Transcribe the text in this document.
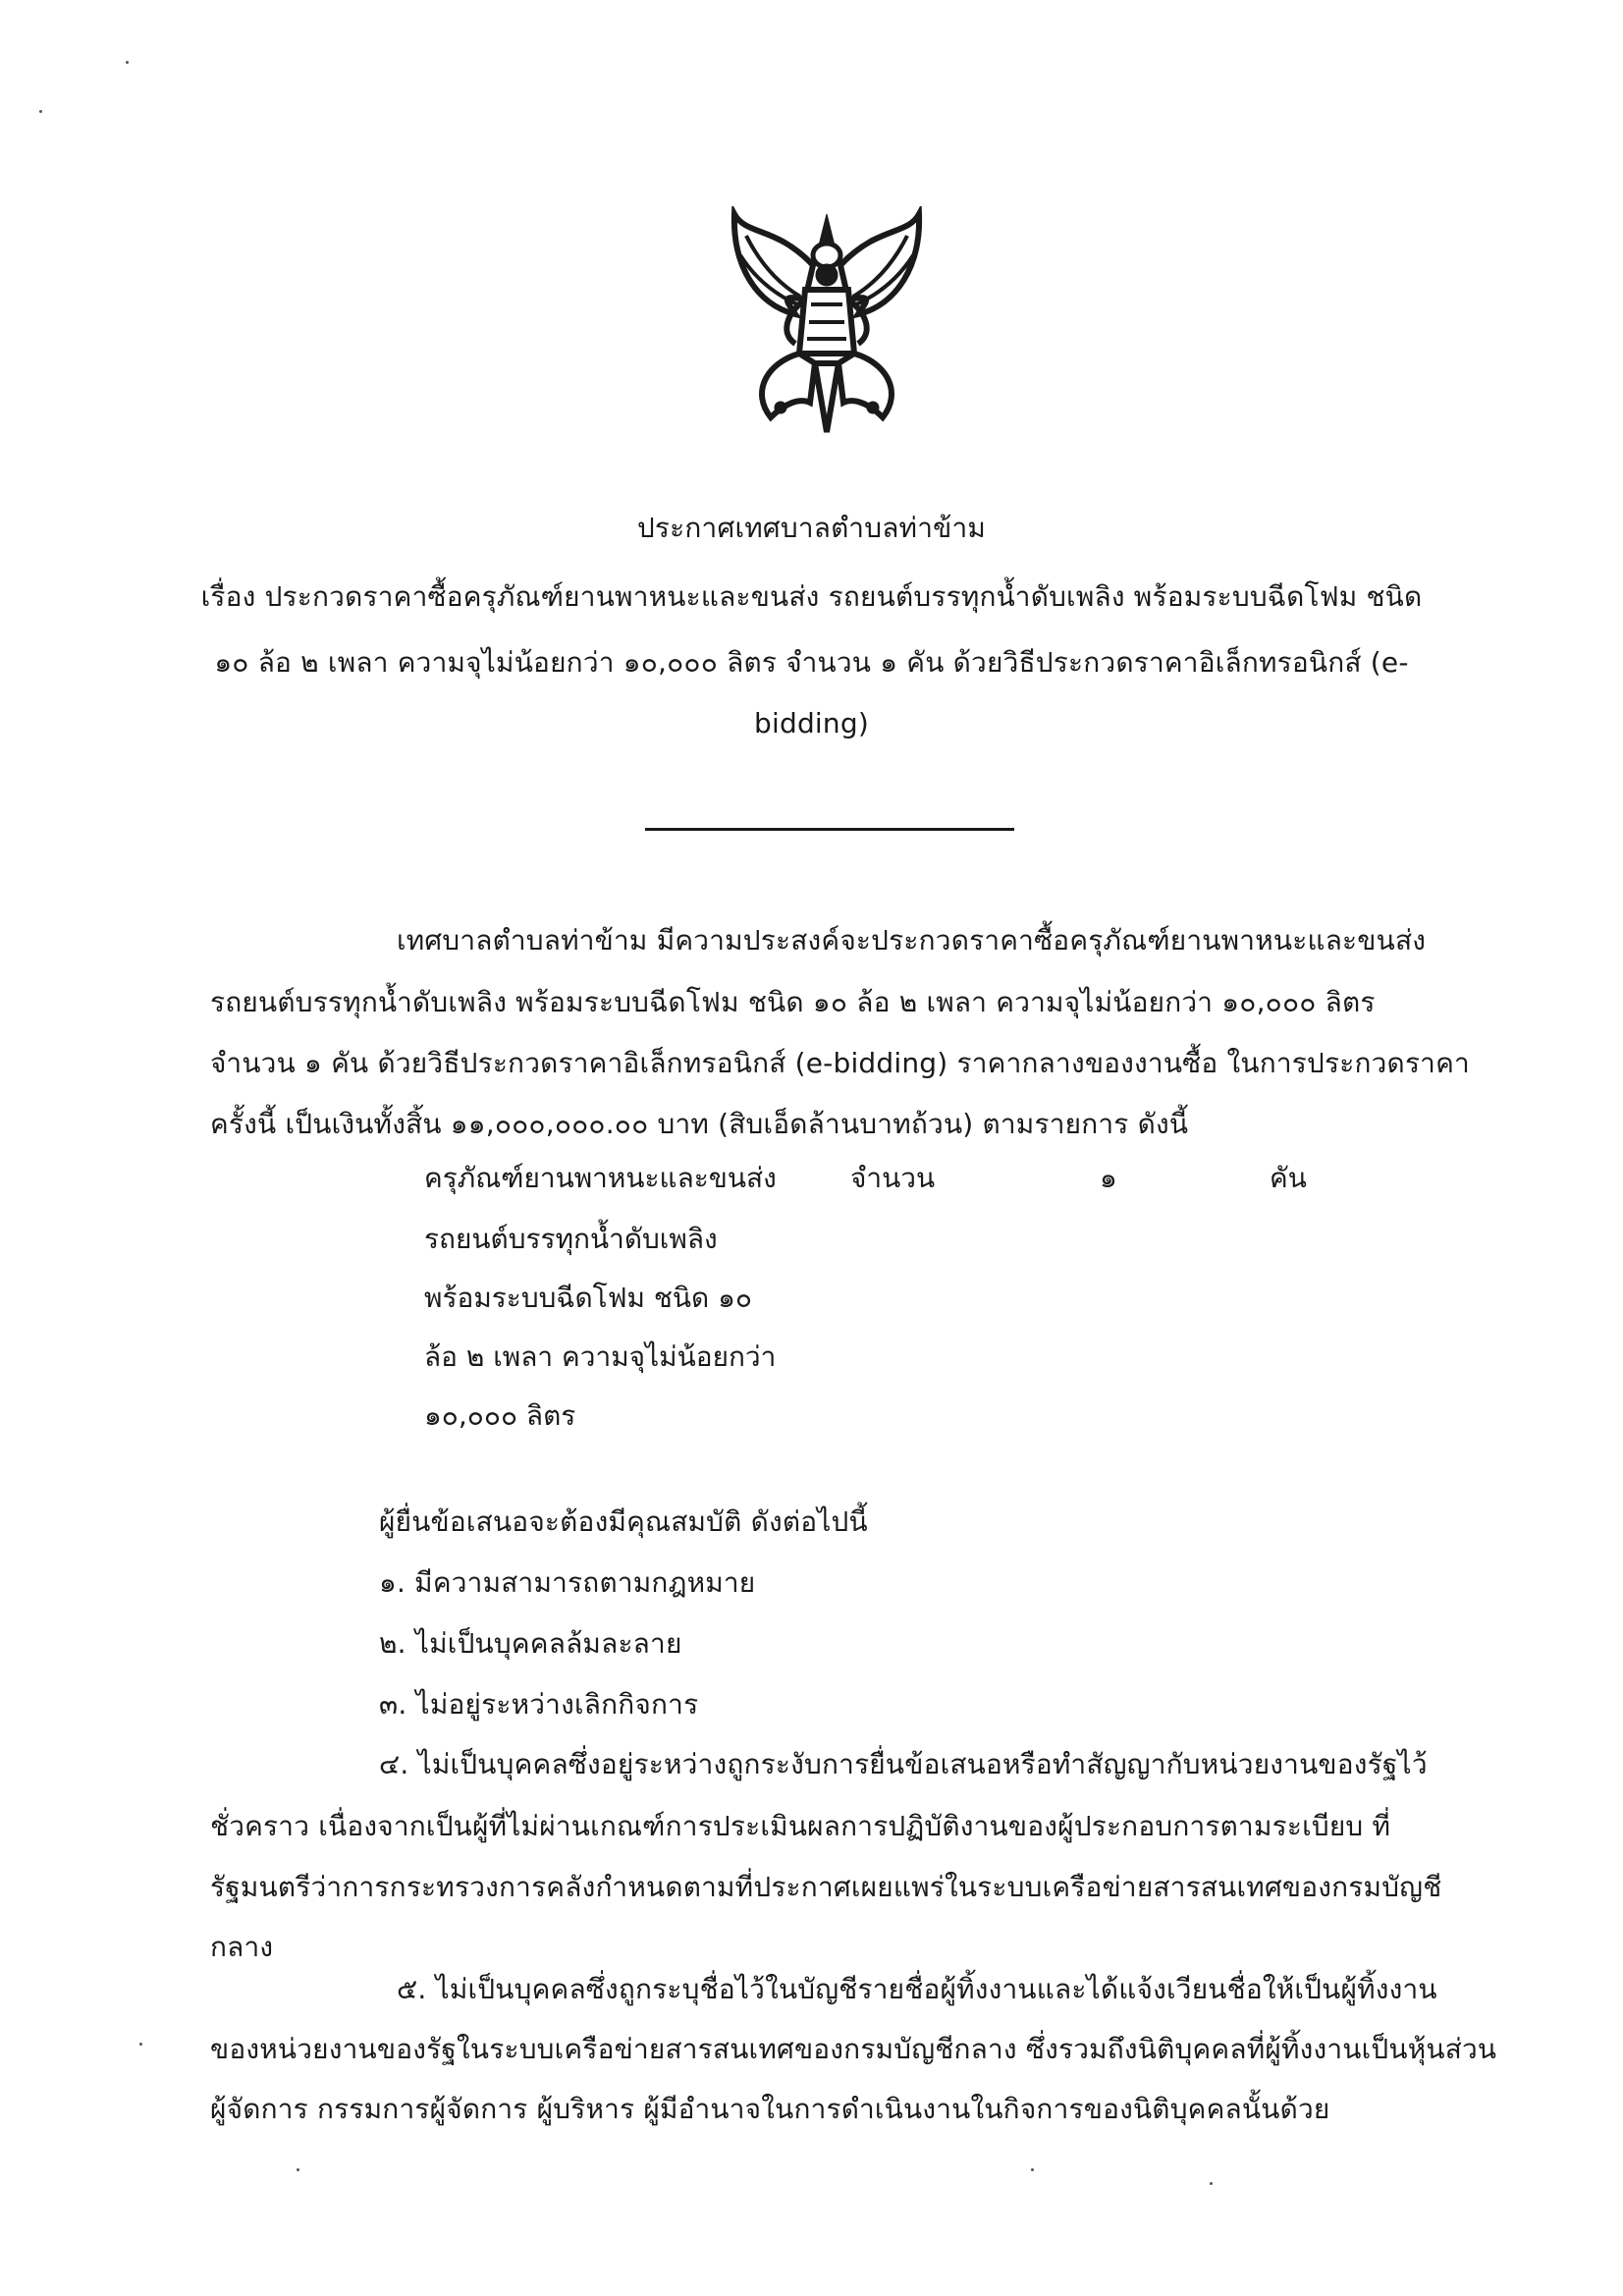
ประกาศเทศบาลตำบลท่าข้าม
เรื่อง ประกวดราคาซื้อครุภัณฑ์ยานพาหนะและขนส่ง รถยนต์บรรทุกน้ำดับเพลิง พร้อมระบบฉีดโฟม ชนิด
๑๐ ล้อ ๒ เพลา ความจุไม่น้อยกว่า ๑๐,๐๐๐ ลิตร จำนวน ๑ คัน ด้วยวิธีประกวดราคาอิเล็กทรอนิกส์ (e-
bidding)
เทศบาลตำบลท่าข้าม มีความประสงค์จะประกวดราคาซื้อครุภัณฑ์ยานพาหนะและขนส่ง
รถยนต์บรรทุกน้ำดับเพลิง พร้อมระบบฉีดโฟม ชนิด ๑๐ ล้อ ๒ เพลา ความจุไม่น้อยกว่า ๑๐,๐๐๐ ลิตร
จำนวน ๑ คัน ด้วยวิธีประกวดราคาอิเล็กทรอนิกส์ (e-bidding) ราคากลางของงานซื้อ ในการประกวดราคา
ครั้งนี้ เป็นเงินทั้งสิ้น ๑๑,๐๐๐,๐๐๐.๐๐ บาท (สิบเอ็ดล้านบาทถ้วน) ตามรายการ ดังนี้
ครุภัณฑ์ยานพาหนะและขนส่ง
รถยนต์บรรทุกน้ำดับเพลิง
พร้อมระบบฉีดโฟม ชนิด ๑๐
ล้อ ๒ เพลา ความจุไม่น้อยกว่า
๑๐,๐๐๐ ลิตร
จำนวน	๑	คัน
ผู้ยื่นข้อเสนอจะต้องมีคุณสมบัติ ดังต่อไปนี้
๑. มีความสามารถตามกฎหมาย
๒. ไม่เป็นบุคคลล้มละลาย
๓. ไม่อยู่ระหว่างเลิกกิจการ
๔. ไม่เป็นบุคคลซึ่งอยู่ระหว่างถูกระงับการยื่นข้อเสนอหรือทำสัญญากับหน่วยงานของรัฐไว้
ชั่วคราว เนื่องจากเป็นผู้ที่ไม่ผ่านเกณฑ์การประเมินผลการปฏิบัติงานของผู้ประกอบการตามระเบียบ ที่
รัฐมนตรีว่าการกระทรวงการคลังกำหนดตามที่ประกาศเผยแพร่ในระบบเครือข่ายสารสนเทศของกรมบัญชี
กลาง
๕. ไม่เป็นบุคคลซึ่งถูกระบุชื่อไว้ในบัญชีรายชื่อผู้ทิ้งงานและได้แจ้งเวียนชื่อให้เป็นผู้ทิ้งงาน
ของหน่วยงานของรัฐในระบบเครือข่ายสารสนเทศของกรมบัญชีกลาง ซึ่งรวมถึงนิติบุคคลที่ผู้ทิ้งงานเป็นหุ้นส่วน
ผู้จัดการ กรรมการผู้จัดการ ผู้บริหาร ผู้มีอำนาจในการดำเนินงานในกิจการของนิติบุคคลนั้นด้วย
